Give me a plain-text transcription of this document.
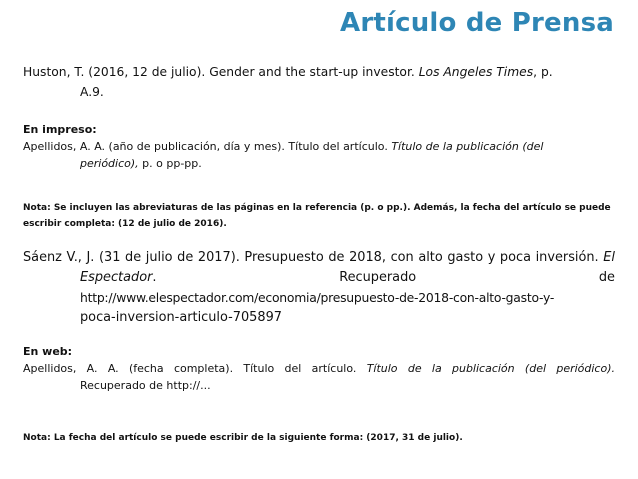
Artículo de Prensa
Huston, T. (2016, 12 de julio). Gender and the start-up investor. Los Angeles Times, p.
A.9.
En impreso:
Apellidos, A. A. (año de publicación, día y mes). Título del artículo. Título de la publicación (del
periódico), p. o pp-pp.
Nota: Se incluyen las abreviaturas de las páginas en la referencia (p. o pp.). Además, la fecha del artículo se puede
escribir completa: (12 de julio de 2016).
Sáenz V., J. (31 de julio de 2017). Presupuesto de 2018, con alto gasto y poca inversión. El
Espectador.	Recuperado	de
http://www.elespectador.com/economia/presupuesto-de-2018-con-alto-gasto-y-
poca-inversion-articulo-705897
En web:
Apellidos, A. A. (fecha completa). Título del artículo. Título de la publicación (del periódico).
Recuperado de http://...
Nota: La fecha del artículo se puede escribir de la siguiente forma: (2017, 31 de julio).
